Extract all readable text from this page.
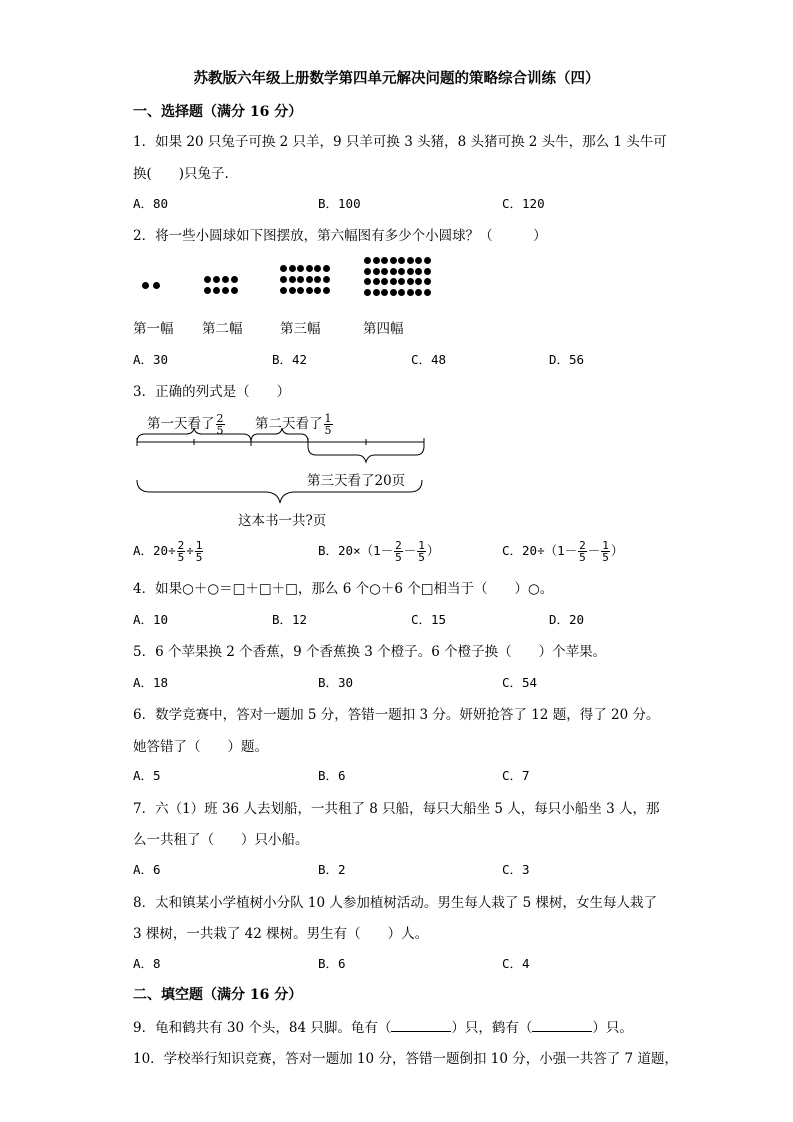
苏教版六年级上册数学第四单元解决问题的策略综合训练（四）
一、选择题（满分 16 分）
1．如果 20 只兔子可换 2 只羊，9 只羊可换 3 头猪，8 头猪可换 2 头牛，那么 1 头牛可
换(　　)只兔子.
A．80	B．100	C．120
2．将一些小圆球如下图摆放，第六幅图有多少个小圆球？（　　　）
第一幅 第二幅	第三幅	第四幅
A．30	B．42	C．48	D．56
3．正确的列式是（　　）
第一天看了 $\frac{2}{5}$ 第二天看了 $\frac{1}{5}$
第三天看了20页
这本书一共?页
A．$20\div \frac{2}{5} \div \frac{1}{5}$	B．$20\times(1- \frac{2}{5} - \frac{1}{5}$ ）	C．$20\div(1- \frac{2}{5} - \frac{1}{5}$ ）
4．如果○＋○＝□＋□＋□，那么 6 个○＋6 个□相当于（　　）○。
A．10	B．12	C．15	D．20
5．6 个苹果换 2 个香蕉，9 个香蕉换 3 个橙子。6 个橙子换（　　）个苹果。
A．18	B．30	C．54
6．数学竞赛中，答对一题加 5 分，答错一题扣 3 分。妍妍抢答了 12 题，得了 20 分。
她答错了（　　）题。
A．5	B．6	C．7
7．六（1）班 36 人去划船，一共租了 8 只船，每只大船坐 5 人，每只小船坐 3 人，那
么一共租了（　　）只小船。
A．6	B．2	C．3
8．太和镇某小学植树小分队 10 人参加植树活动。男生每人栽了 5 棵树，女生每人栽了
3 棵树，一共栽了 42 棵树。男生有（　　）人。
A．8	B．6	C．4
二、填空题（满分 16 分）
9．龟和鹤共有 30 个头，84 只脚。龟有（	）只，鹤有（	）只。
10．学校举行知识竞赛，答对一题加 10 分，答错一题倒扣 10 分，小强一共答了 7 道题，
